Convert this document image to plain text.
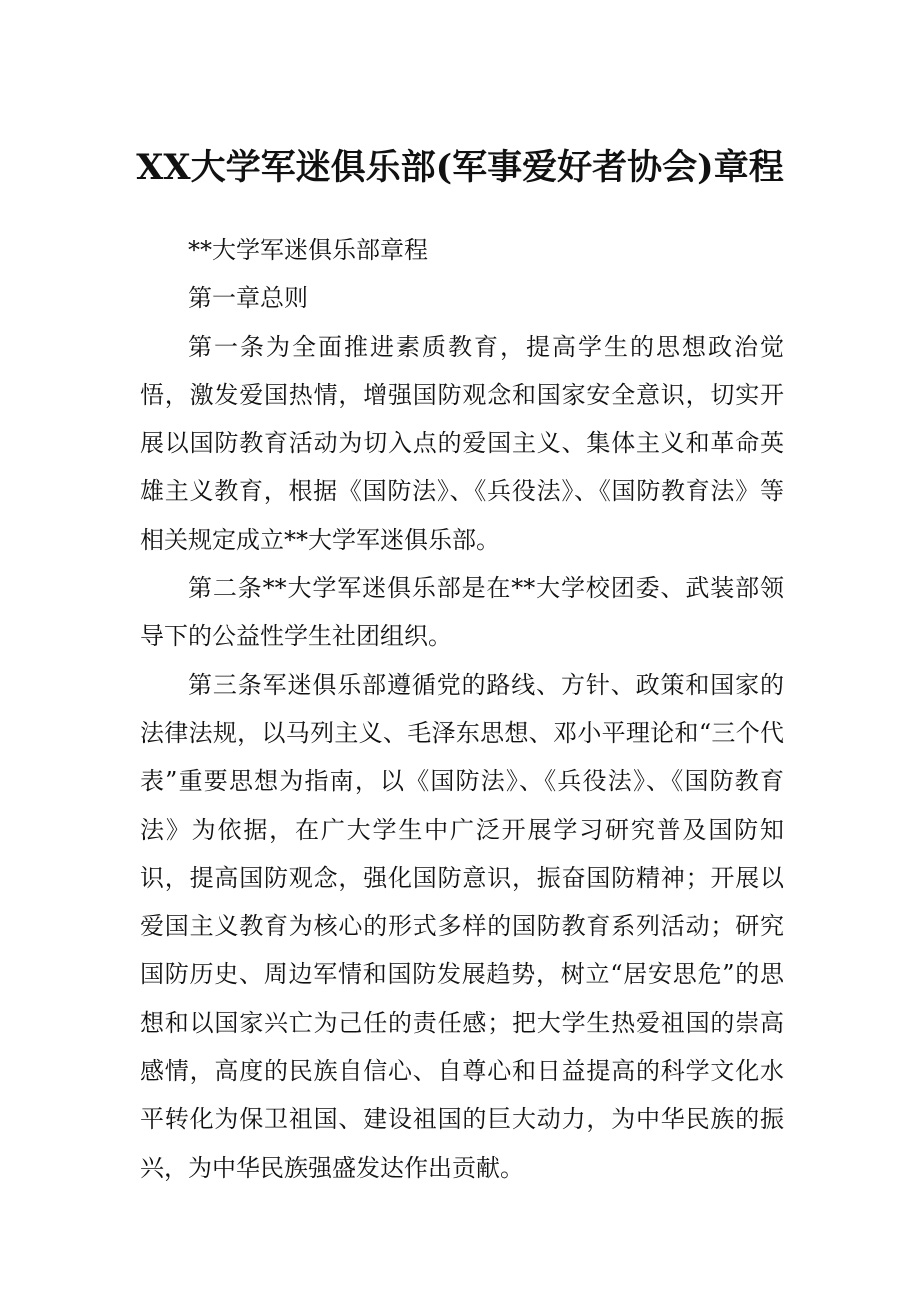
XX大学军迷俱乐部(军事爱好者协会)章程

**大学军迷俱乐部章程

第一章总则

第一条为全面推进素质教育，提高学生的思想政治觉悟，激发爱国热情，增强国防观念和国家安全意识，切实开展以国防教育活动为切入点的爱国主义、集体主义和革命英雄主义教育，根据《国防法》、《兵役法》、《国防教育法》等相关规定成立**大学军迷俱乐部。

第二条**大学军迷俱乐部是在**大学校团委、武装部领导下的公益性学生社团组织。

第三条军迷俱乐部遵循党的路线、方针、政策和国家的法律法规，以马列主义、毛泽东思想、邓小平理论和“三个代表”重要思想为指南，以《国防法》、《兵役法》、《国防教育法》为依据，在广大学生中广泛开展学习研究普及国防知识，提高国防观念，强化国防意识，振奋国防精神；开展以爱国主义教育为核心的形式多样的国防教育系列活动；研究国防历史、周边军情和国防发展趋势，树立“居安思危”的思想和以国家兴亡为己任的责任感；把大学生热爱祖国的崇高感情，高度的民族自信心、自尊心和日益提高的科学文化水平转化为保卫祖国、建设祖国的巨大动力，为中华民族的振兴，为中华民族强盛发达作出贡献。
